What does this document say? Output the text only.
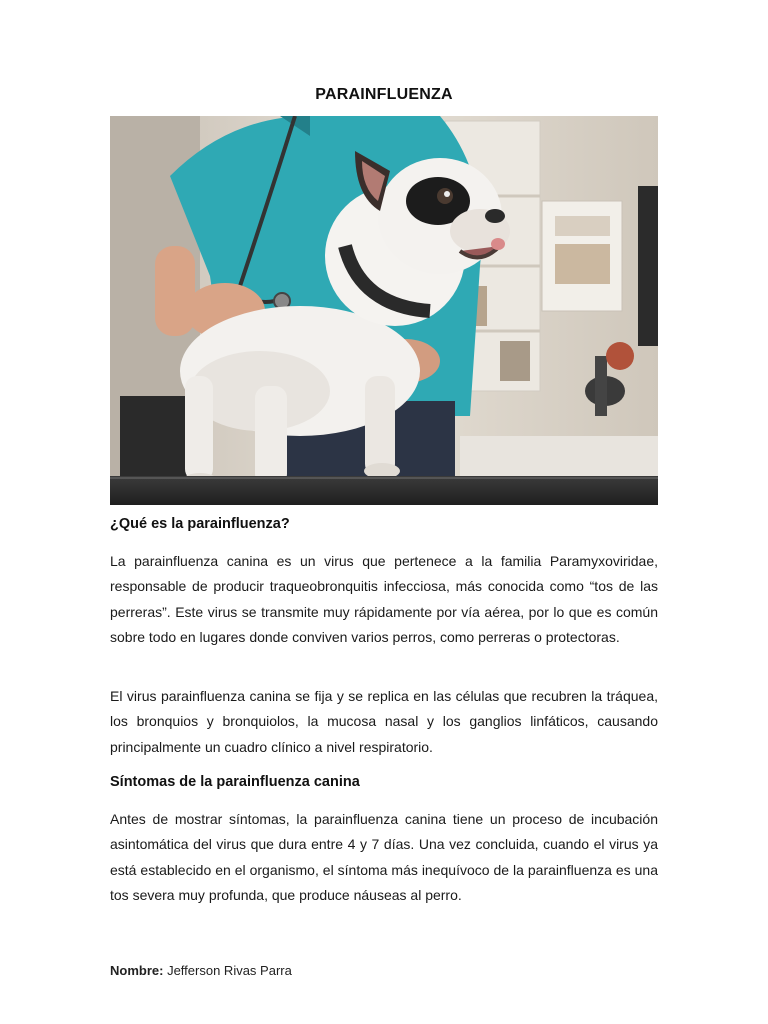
PARAINFLUENZA
¿Qué es la parainfluenza?
La parainfluenza canina es un virus que pertenece a la familia Paramyxoviridae, responsable de producir traqueobronquitis infecciosa, más conocida como “tos de las perreras”. Este virus se transmite muy rápidamente por vía aérea, por lo que es común sobre todo en lugares donde conviven varios perros, como perreras o protectoras.
El virus parainfluenza canina se fija y se replica en las células que recubren la tráquea, los bronquios y bronquiolos, la mucosa nasal y los ganglios linfáticos, causando principalmente un cuadro clínico a nivel respiratorio.
Síntomas de la parainfluenza canina
Antes de mostrar síntomas, la parainfluenza canina tiene un proceso de incubación asintomática del virus que dura entre 4 y 7 días. Una vez concluida, cuando el virus ya está establecido en el organismo, el síntoma más inequívoco de la parainfluenza es una tos severa muy profunda, que produce náuseas al perro.
Nombre: Jefferson Rivas Parra
